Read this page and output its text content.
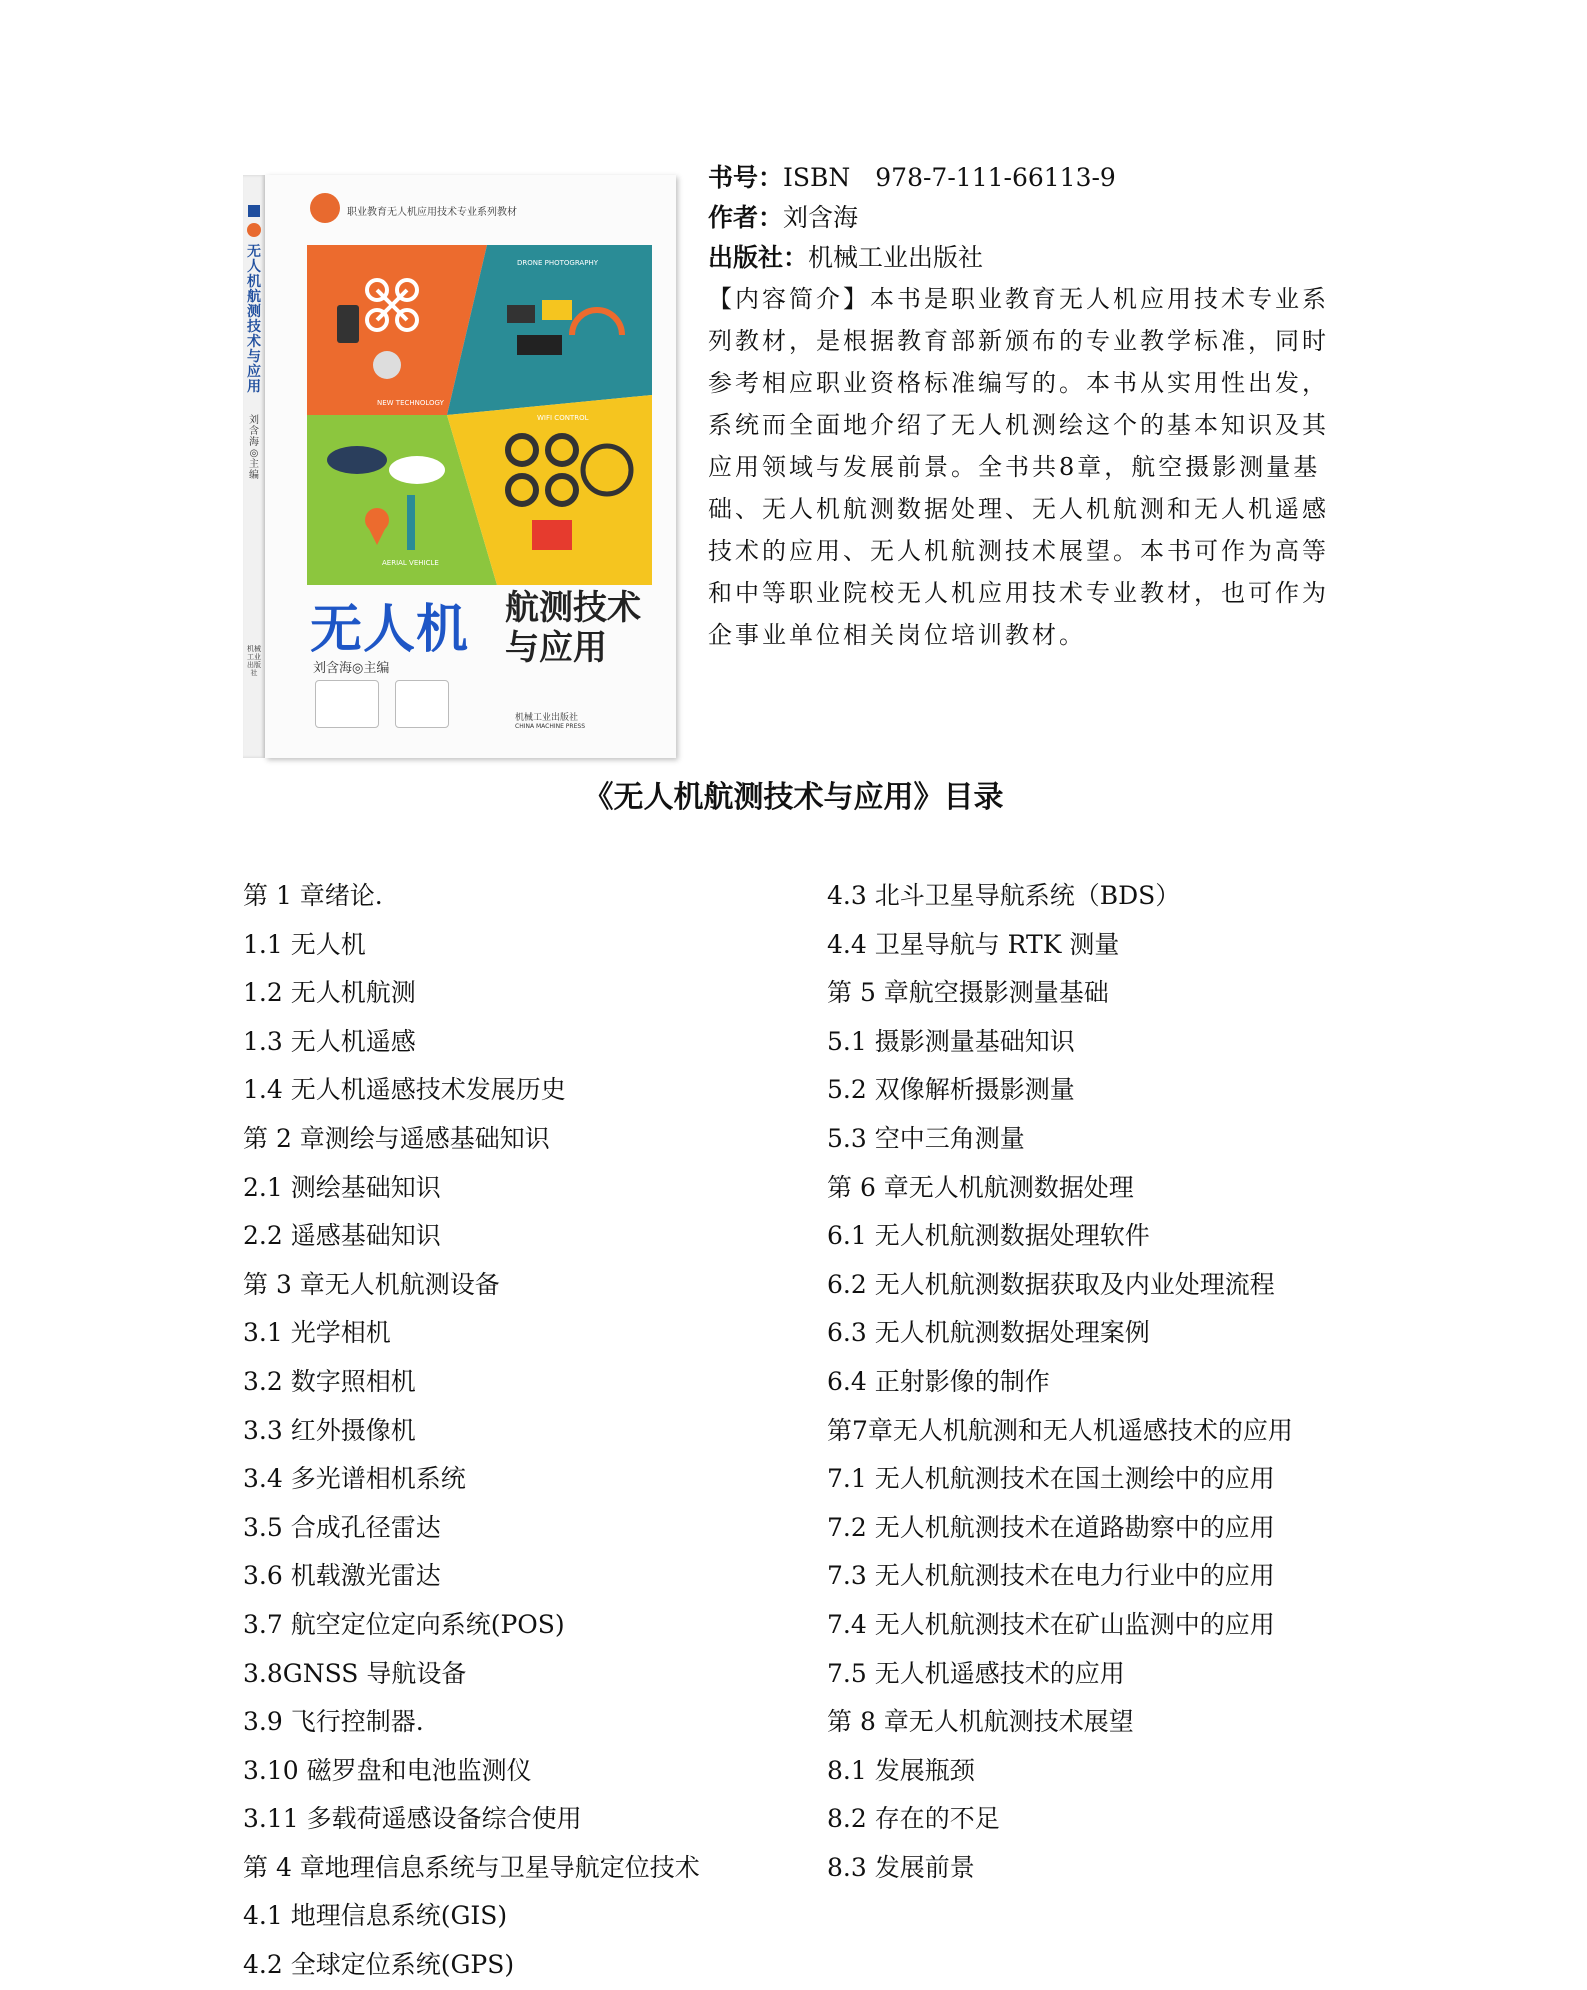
无人机航测技术与应用
刘含海◎主编
机械工业出版社
职业教育无人机应用技术专业系列教材
NEW TECHNOLOGY
DRONE PHOTOGRAPHY
AERIAL VEHICLE
WIFI CONTROL
无人机 航测技术与应用
刘含海◎主编
机械工业出版社
CHINA MACHINE PRESS
书号：ISBN　978-7-111-66113-9
作者：刘含海
出版社：机械工业出版社
【内容简介】本书是职业教育无人机应用技术专业系
列教材，是根据教育部新颁布的专业教学标准，同时
参考相应职业资格标准编写的。本书从实用性出发，
系统而全面地介绍了无人机测绘这个的基本知识及其
应用领域与发展前景。全书共8章，航空摄影测量基
础、无人机航测数据处理、无人机航测和无人机遥感
技术的应用、无人机航测技术展望。本书可作为高等
和中等职业院校无人机应用技术专业教材，也可作为
企事业单位相关岗位培训教材。
《无人机航测技术与应用》目录
第 1 章绪论.
1.1 无人机
1.2 无人机航测
1.3 无人机遥感
1.4 无人机遥感技术发展历史
第 2 章测绘与遥感基础知识
2.1 测绘基础知识
2.2 遥感基础知识
第 3 章无人机航测设备
3.1 光学相机
3.2 数字照相机
3.3 红外摄像机
3.4 多光谱相机系统
3.5 合成孔径雷达
3.6 机载激光雷达
3.7 航空定位定向系统(POS)
3.8GNSS 导航设备
3.9 飞行控制器.
3.10 磁罗盘和电池监测仪
3.11 多载荷遥感设备综合使用
第 4 章地理信息系统与卫星导航定位技术
4.1 地理信息系统(GIS)
4.2 全球定位系统(GPS)
4.3 北斗卫星导航系统（BDS）
4.4 卫星导航与 RTK 测量
第 5 章航空摄影测量基础
5.1 摄影测量基础知识
5.2 双像解析摄影测量
5.3 空中三角测量
第 6 章无人机航测数据处理
6.1 无人机航测数据处理软件
6.2 无人机航测数据获取及内业处理流程
6.3 无人机航测数据处理案例
6.4 正射影像的制作
第7章无人机航测和无人机遥感技术的应用
7.1 无人机航测技术在国土测绘中的应用
7.2 无人机航测技术在道路勘察中的应用
7.3 无人机航测技术在电力行业中的应用
7.4 无人机航测技术在矿山监测中的应用
7.5 无人机遥感技术的应用
第 8 章无人机航测技术展望
8.1 发展瓶颈
8.2 存在的不足
8.3 发展前景
